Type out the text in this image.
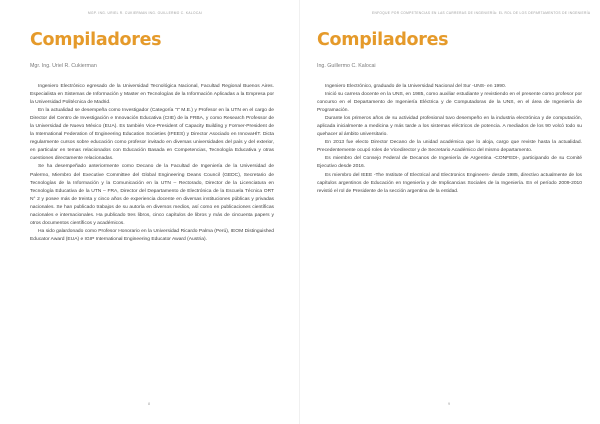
MGP. ING. URIEL R. CUKIERMAN ING. GUILLERMO C. KALOCAI
Compiladores
Mgr. Ing. Uriel R. Cukierman

Ingeniero Electrónico egresado de la Universidad Tecnológica Nacional, Facultad Regional Buenos Aires. Especialista en Sistemas de Información y Master en Tecnologías de la Información Aplicadas a la Empresa por la Universidad Politécnica de Madrid.

En la actualidad se desempeña como Investigador (Categoría "I" M.E.) y Profesor en la UTN en el cargo de Director del Centro de Investigación e Innovación Educativa (CIIE) de la FRBA, y como Research Professor de la Universidad de Nuevo México (EUA). Es también Vice-President of Capacity Building y Former-President de la International Federation of Engineering Education Societies (IFEES) y Director Asociado en InnovaHlT. Dicta regularmente cursos sobre educación como profesor invitado en diversas universidades del país y del exterior, en particular en temas relacionados con Educación Basada en Competencias, Tecnología Educativa y otras cuestiones directamente relacionadas.

Se ha desempeñado anteriormente como Decano de la Facultad de Ingeniería de la Universidad de Palermo, Miembro del Executive Committee del Global Engineering Deans Council (GEDC), Secretario de Tecnologías de la Información y la Comunicación en la UTN – Rectorado, Director de la Licenciatura en Tecnología Educativa de la UTN – FRA, Director del Departamento de Electrónica de la Escuela Técnica ORT N° 2 y posee más de treinta y cinco años de experiencia docente en diversas instituciones públicas y privadas nacionales. Se han publicado trabajos de su autoría en diversos medios, así como en publicaciones científicas nacionales e internacionales. Ha publicado tres libros, cinco capítulos de libros y más de cincuenta papers y otros documentos científicos y académicos.

Ha sido galardonado como Profesor Honorario en la Universidad Ricardo Palma (Perú), IEOM Distinguished Educator Award (EUA) e IGIP International Engineering Educator Award (Austria).

8
ENFOQUE POR COMPETENCIAS EN LAS CARRERAS DE INGENIERÍA: EL ROL DE LOS DEPARTAMENTOS DE INGENIERÍA
Compiladores
Ing. Guillermo C. Kalocai

Ingeniero Electrónico, graduado de la Universidad Nacional del Sur -UNS- en 1990.

Inició su carrera docente en la UNS, en 1985, como auxiliar estudiante y revistiendo en el presente como profesor por concurso en el Departamento de Ingeniería Eléctrica y de Computadoras de la UNS, en el área de Ingeniería de Programación.

Durante los primeros años de su actividad profesional tuvo desempeño en la industria electrónica y de computación, aplicada inicialmente a medicina y más tarde a los sistemas eléctricos de potencia. A mediados de los 90 volcó todo su quehacer al ámbito universitario.

En 2013 fue electo Director Decano de la unidad académica que lo aloja, cargo que reviste hasta la actualidad. Precedentemente ocupó roles de Vicedirector y de Secretario Académico del mismo departamento.

Es miembro del Consejo Federal de Decanos de Ingeniería de Argentina -CONFEDI-, participando de su Comité Ejecutivo desde 2016.

Es miembro del IEEE -The Institute of Electrical and Electronics Engineers- desde 1985, directivo actualmente de los capítulos argentinos de Educación en Ingeniería y de Implicancias Sociales de la Ingeniería. En el período 2009-2010 revistió el rol de Presidente de la sección argentina de la entidad.

9
